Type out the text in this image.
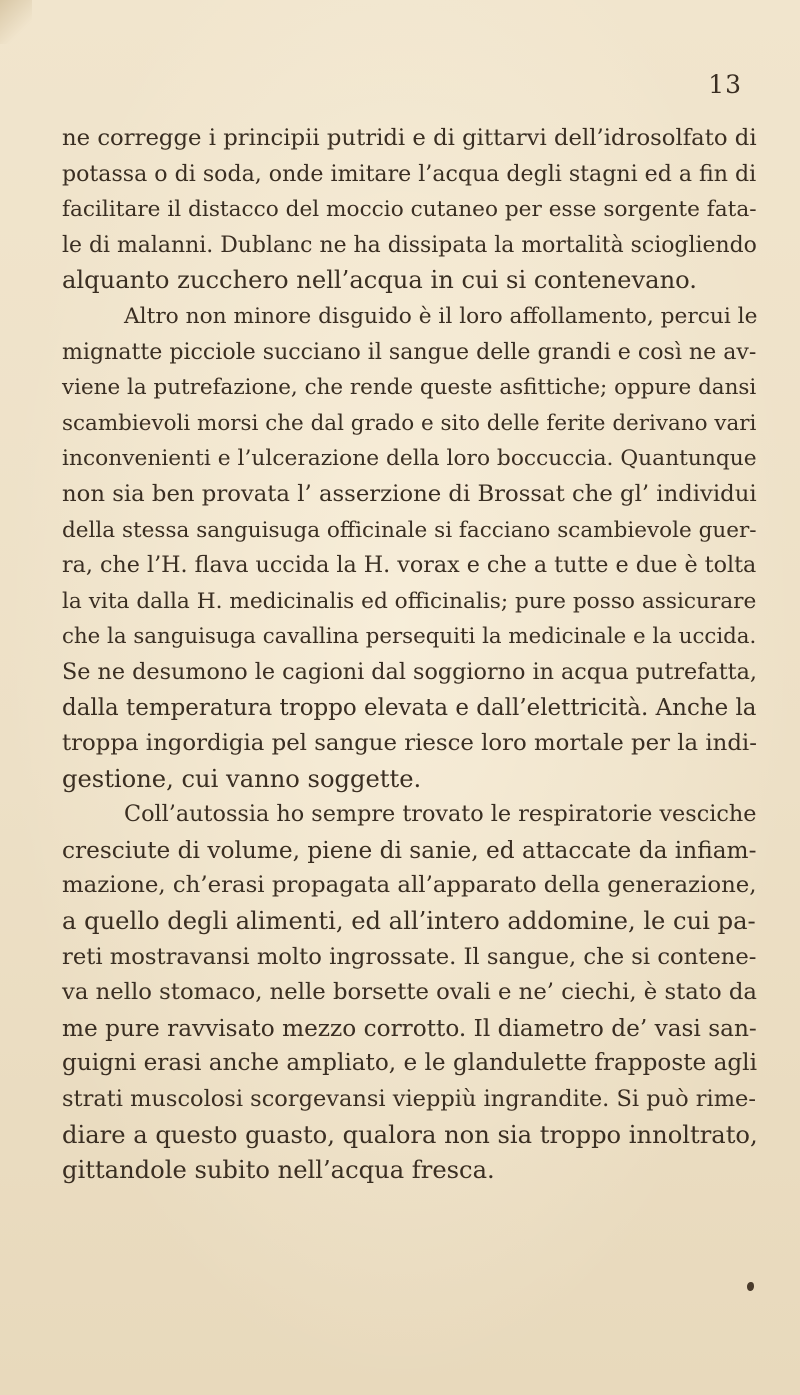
13
ne corregge i principii putridi e di gittarvi dell’idrosolfato di
potassa o di soda, onde imitare l’acqua degli stagni ed a fin di
facilitare il distacco del moccio cutaneo per esse sorgente fata-
le di malanni. Dublanc ne ha dissipata la mortalità sciogliendo
alquanto zucchero nell’acqua in cui si contenevano.
Altro non minore disguido è il loro affollamento, percui le
mignatte picciole succiano il sangue delle grandi e così ne av-
viene la putrefazione, che rende queste asfittiche; oppure dansi
scambievoli morsi che dal grado e sito delle ferite derivano vari
inconvenienti e l’ulcerazione della loro boccuccia. Quantunque
non sia ben provata l’ asserzione di Brossat che gl’ individui
della stessa sanguisuga officinale si facciano scambievole guer-
ra, che l’H. flava uccida la H. vorax e che a tutte e due è tolta
la vita dalla H. medicinalis ed officinalis; pure posso assicurare
che la sanguisuga cavallina persequiti la medicinale e la uccida.
Se ne desumono le cagioni dal soggiorno in acqua putrefatta,
dalla temperatura troppo elevata e dall’elettricità. Anche la
troppa ingordigia pel sangue riesce loro mortale per la indi-
gestione, cui vanno soggette.
Coll’autossia ho sempre trovato le respiratorie vesciche
cresciute di volume, piene di sanie, ed attaccate da infiam-
mazione, ch’erasi propagata all’apparato della generazione,
a quello degli alimenti, ed all’intero addomine, le cui pa-
reti mostravansi molto ingrossate. Il sangue, che si contene-
va nello stomaco, nelle borsette ovali e ne’ ciechi, è stato da
me pure ravvisato mezzo corrotto. Il diametro de’ vasi san-
guigni erasi anche ampliato, e le glandulette frapposte agli
strati muscolosi scorgevansi vieppiù ingrandite. Si può rime-
diare a questo guasto, qualora non sia troppo innoltrato,
gittandole subito nell’acqua fresca.
